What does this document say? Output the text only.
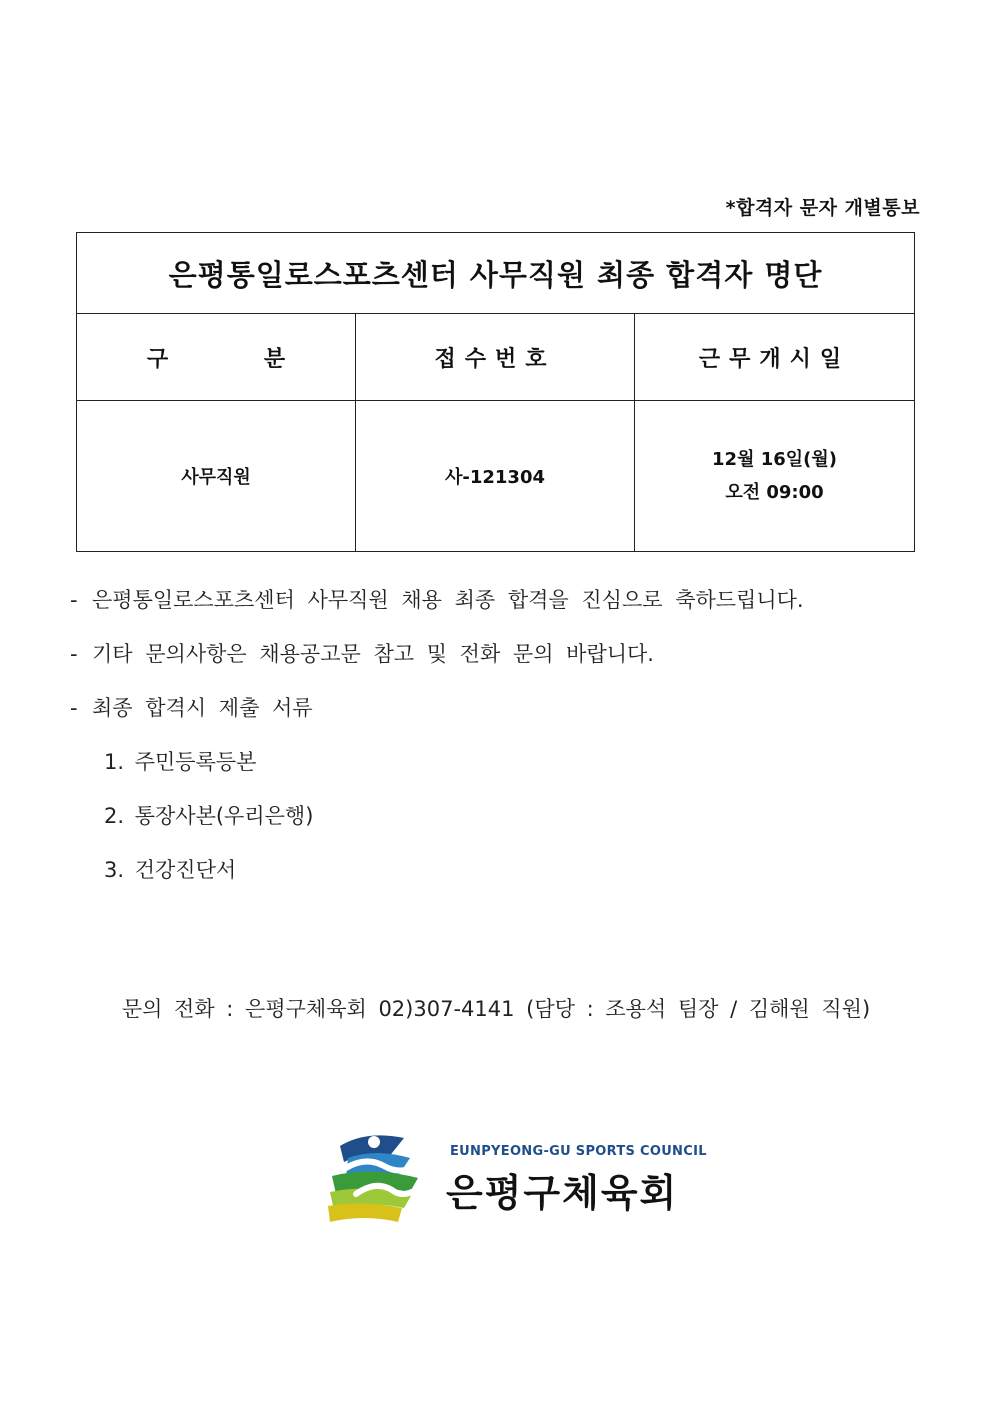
*합격자 문자 개별통보
은평통일로스포츠센터 사무직원 최종 합격자 명단		
구 분	접수번호	근무개시일
사무직원	사-121304	12월 16일(월)
오전 09:00
- 은평통일로스포츠센터 사무직원 채용 최종 합격을 진심으로 축하드립니다.
- 기타 문의사항은 채용공고문 참고 및 전화 문의 바랍니다.
- 최종 합격시 제출 서류
1. 주민등록등본
2. 통장사본(우리은행)
3. 건강진단서
문의 전화 : 은평구체육회 02)307-4141 (담당 : 조용석 팀장 / 김해원 직원)
EUNPYEONG-GU SPORTS COUNCIL
은평구체육회
